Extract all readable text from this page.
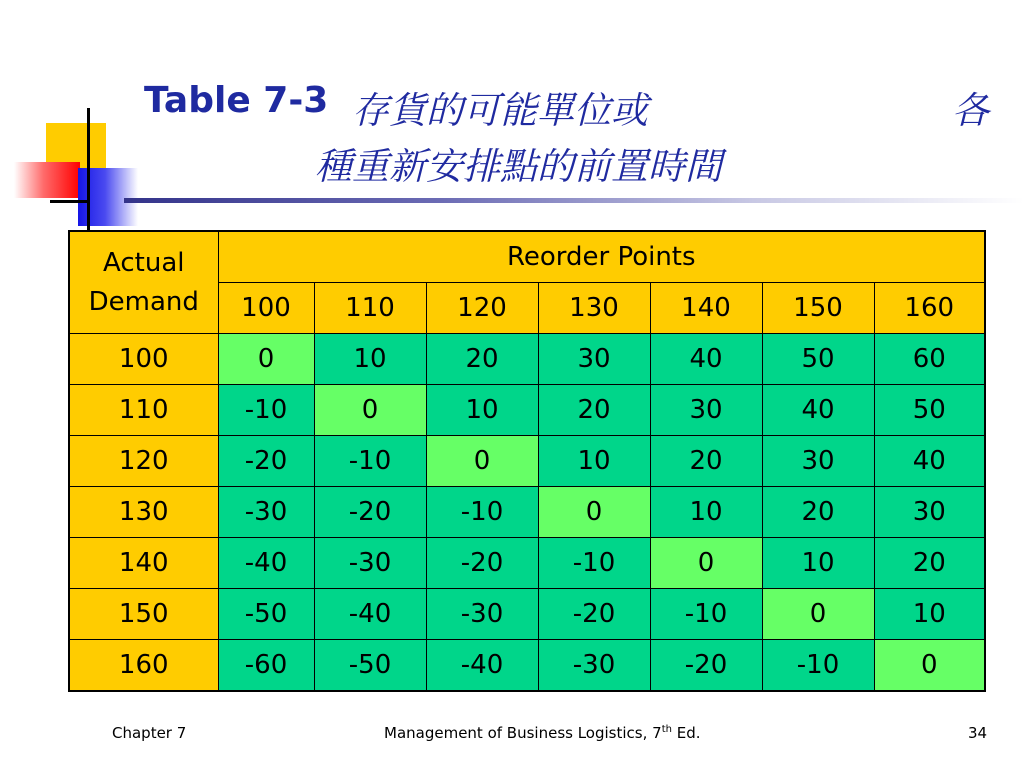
Table 7-3 存貨的可能單位或	各
種重新安排點的前置時間
Actual
Demand	Reorder Points						
	100	110	120	130	140	150	160
100	0	10	20	30	40	50	60
110	-10	0	10	20	30	40	50
120	-20	-10	0	10	20	30	40
130	-30	-20	-10	0	10	20	30
140	-40	-30	-20	-10	0	10	20
150	-50	-40	-30	-20	-10	0	10
160	-60	-50	-40	-30	-20	-10	0
Chapter 7	Management of Business Logistics, 7th Ed.	34
